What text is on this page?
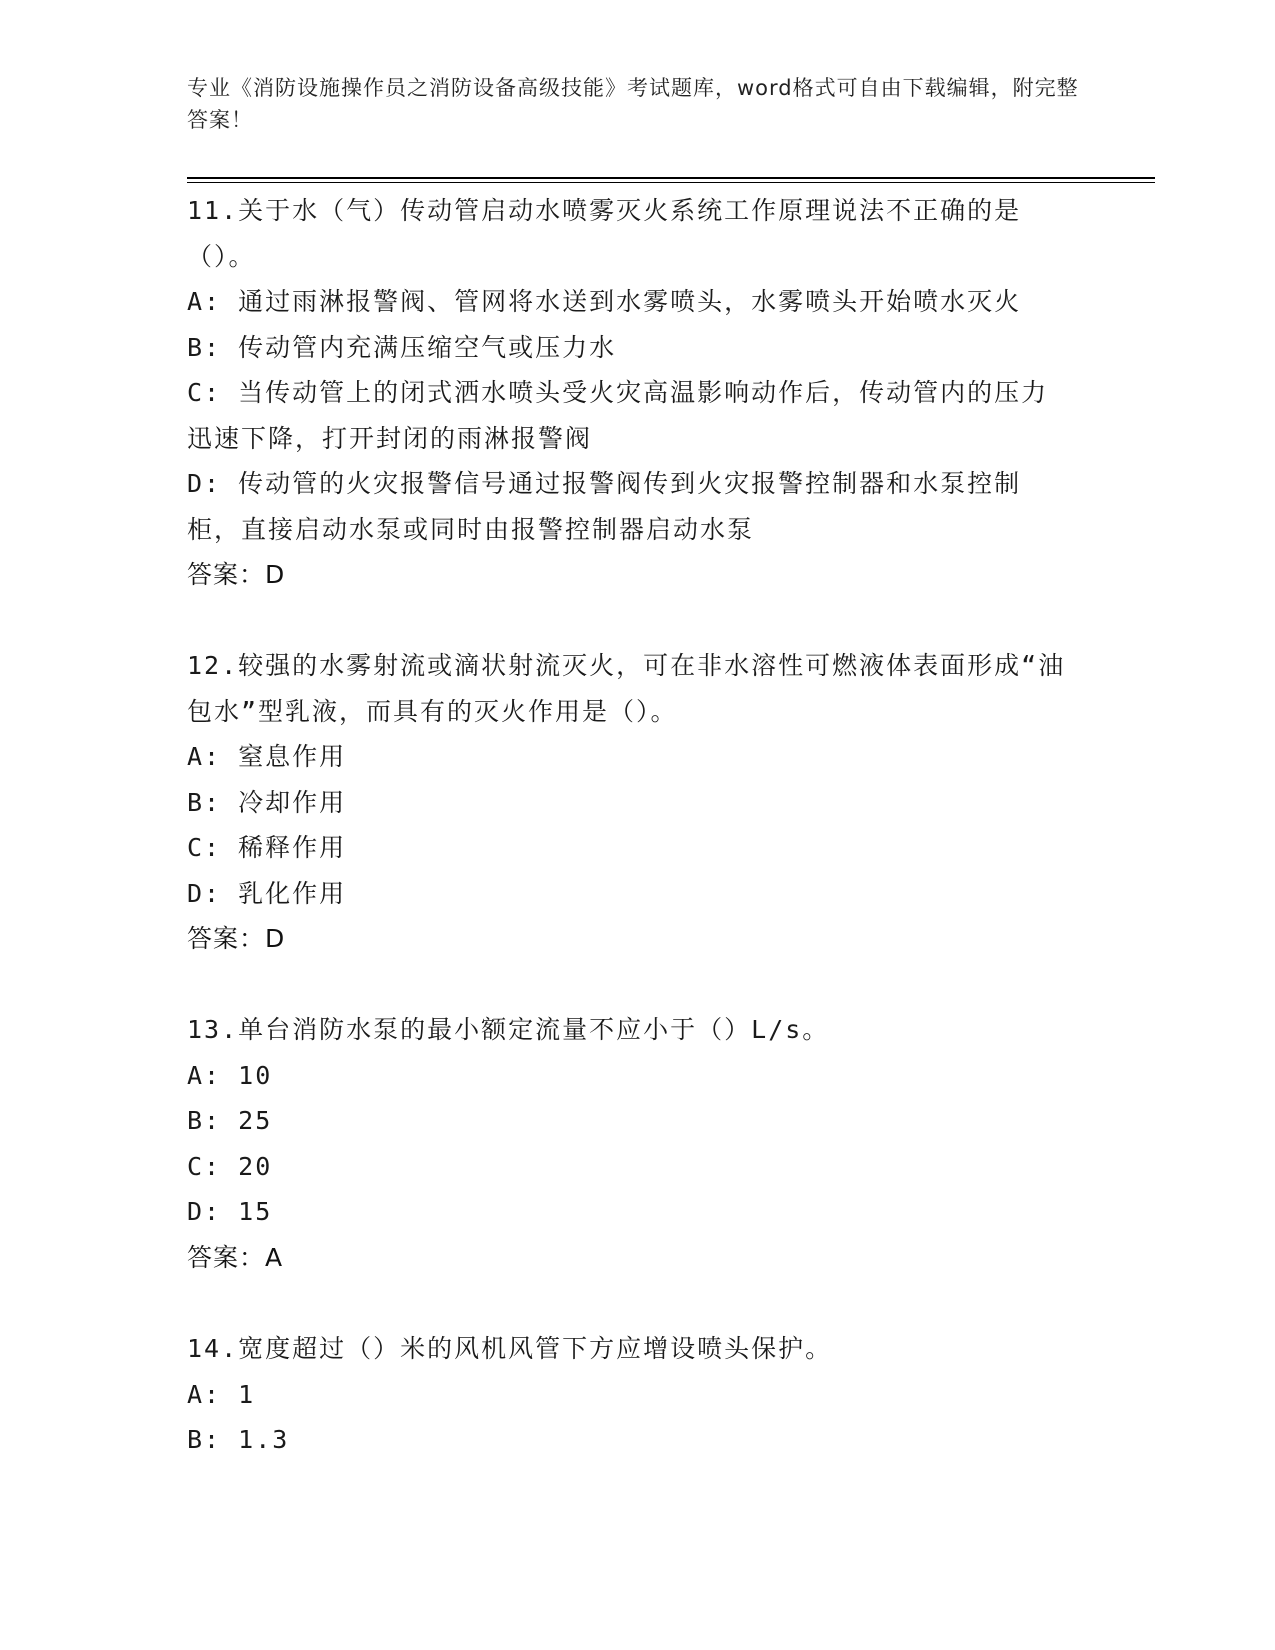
专业《消防设施操作员之消防设备高级技能》考试题库，word格式可自由下载编辑，附完整答案！

11.关于水（气）传动管启动水喷雾灭火系统工作原理说法不正确的是（）。

A: 通过雨淋报警阀、管网将水送到水雾喷头，水雾喷头开始喷水灭火

B: 传动管内充满压缩空气或压力水

C: 当传动管上的闭式洒水喷头受火灾高温影响动作后，传动管内的压力迅速下降，打开封闭的雨淋报警阀

D: 传动管的火灾报警信号通过报警阀传到火灾报警控制器和水泵控制柜，直接启动水泵或同时由报警控制器启动水泵

答案：D

12.较强的水雾射流或滴状射流灭火，可在非水溶性可燃液体表面形成“油包水”型乳液，而具有的灭火作用是（）。

A: 窒息作用

B: 冷却作用

C: 稀释作用

D: 乳化作用

答案：D

13.单台消防水泵的最小额定流量不应小于（）L/s。

A: 10

B: 25

C: 20

D: 15

答案：A

14.宽度超过（）米的风机风管下方应增设喷头保护。

A: 1

B: 1.3
